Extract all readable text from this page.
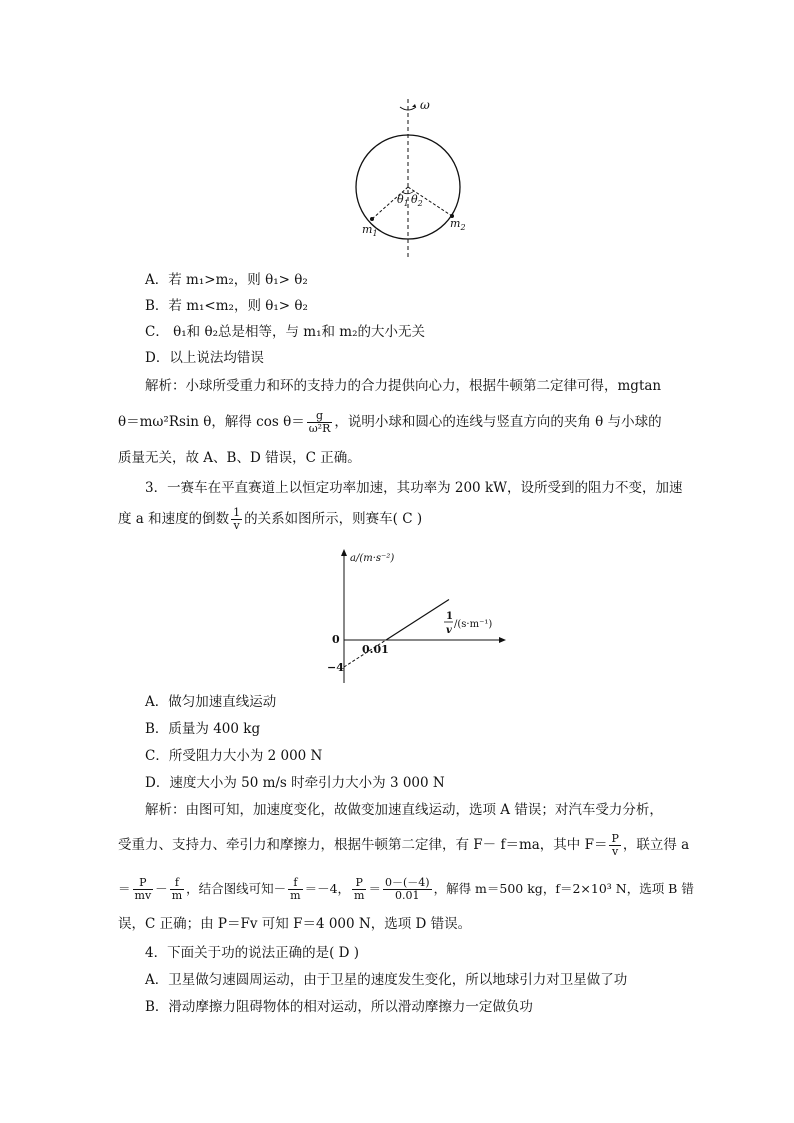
ω
$\theta_1$ $\theta_2$
$m_1$
$m_2$
A．若 m₁>m₂，则 θ₁> θ₂
B．若 m₁<m₂，则 θ₁> θ₂
C． θ₁和 θ₂总是相等，与 m₁和 m₂的大小无关
D．以上说法均错误
解析：小球所受重力和环的支持力的合力提供向心力，根据牛顿第二定律可得，mgtan
θ＝mω²Rsin θ，解得 $\cos \theta= \frac{g}{\text{ω²R}}$ ，说明小球和圆心的连线与竖直方向的夹角 θ 与小球的
质量无关，故 A、B、D 错误，C 正确。
3．一赛车在平直赛道上以恒定功率加速，其功率为 200 kW，设所受到的阻力不变，加速
度 a 和速度的倒数 $\frac{1}{v}$ 的关系如图所示，则赛车( C )
a/(m·s⁻²)
1
v
/(s·m⁻¹)
0
0.01
−4
A．做匀加速直线运动
B．质量为 400 kg
C．所受阻力大小为 2 000 N
D．速度大小为 50 m/s 时牵引力大小为 3 000 N
解析：由图可知，加速度变化，故做变加速直线运动，选项 A 错误；对汽车受力分析，
受重力、支持力、牵引力和摩擦力，根据牛顿第二定律，有 F－ f＝ma，其中 $F= \frac{P}{v}$ ，联立得 a
＝ $\frac{P}{mv} - \frac{f}{m}$ ，结合图线可知－ $\frac{f}{m} =-4$， $\frac{P}{m} = \frac{0-(-4)}{0.01}$ ，解得 m＝500 kg，f＝2×10³ N，选项 B 错
误，C 正确；由 P＝Fv 可知 F＝4 000 N，选项 D 错误。
4．下面关于功的说法正确的是( D )
A．卫星做匀速圆周运动，由于卫星的速度发生变化，所以地球引力对卫星做了功
B．滑动摩擦力阻碍物体的相对运动，所以滑动摩擦力一定做负功
